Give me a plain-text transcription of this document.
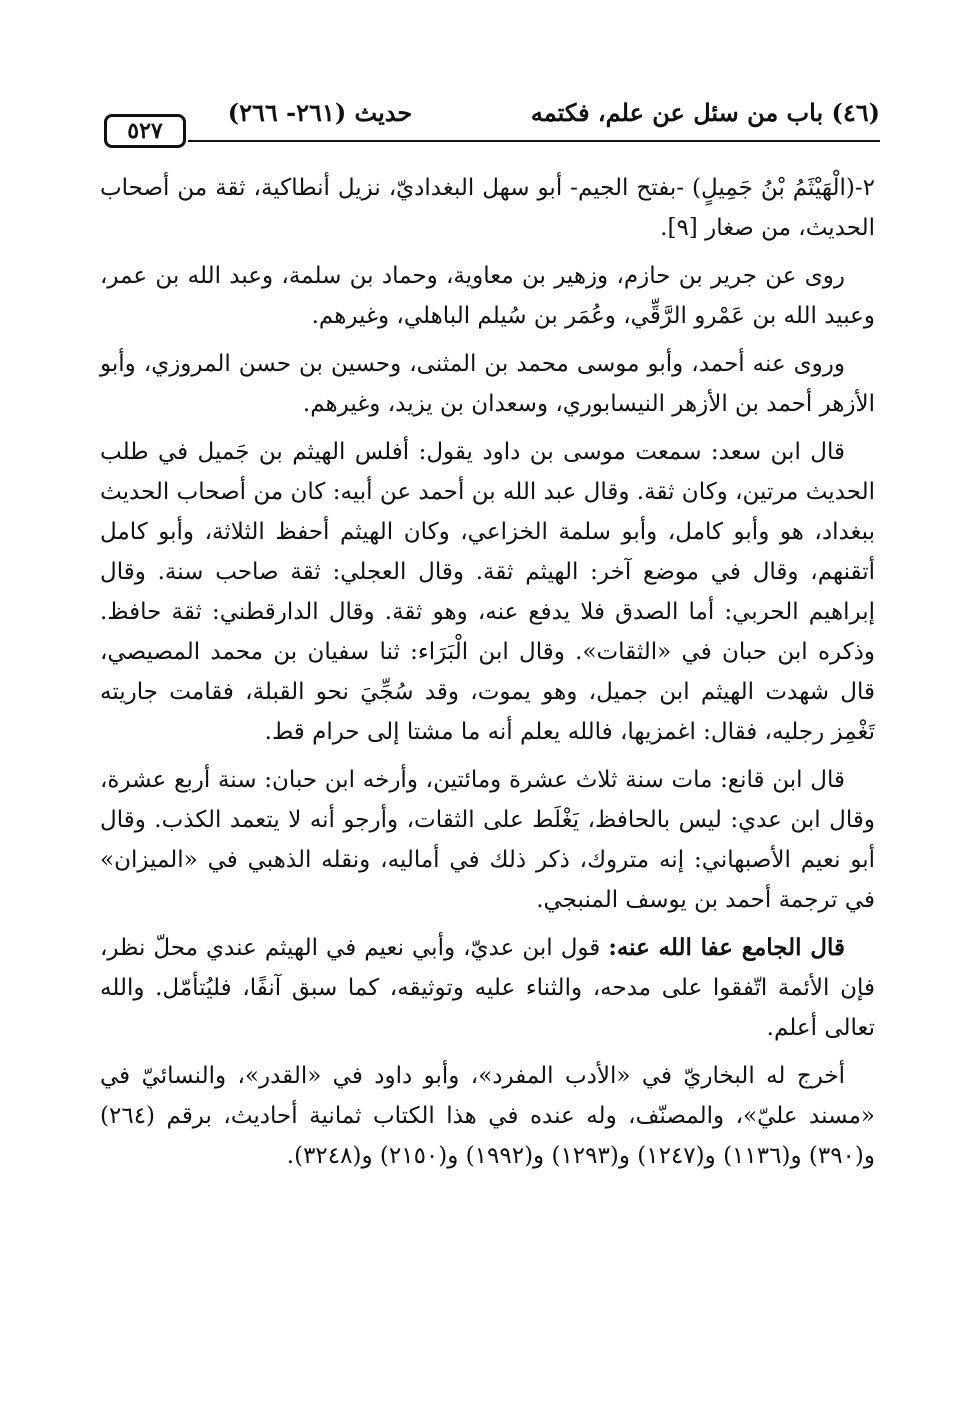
٥٢٧
حديث (٢٦١- ٢٦٦)	(٤٦) باب من سئل عن علم، فكتمه

٢-(الْهَيْثَمُ بْنُ جَمِيلٍ) -بفتح الجيم- أبو سهل البغداديّ، نزيل أنطاكية، ثقة من أصحاب الحديث، من صغار [٩].

روى عن جرير بن حازم، وزهير بن معاوية، وحماد بن سلمة، وعبد الله بن عمر، وعبيد الله بن عَمْرو الرَّقِّي، وعُمَر بن سُيلم الباهلي، وغيرهم.

وروى عنه أحمد، وأبو موسى محمد بن المثنى، وحسين بن حسن المروزي، وأبو الأزهر أحمد بن الأزهر النيسابوري، وسعدان بن يزيد، وغيرهم.

قال ابن سعد: سمعت موسى بن داود يقول: أفلس الهيثم بن جَميل في طلب الحديث مرتين، وكان ثقة. وقال عبد الله بن أحمد عن أبيه: كان من أصحاب الحديث ببغداد، هو وأبو كامل، وأبو سلمة الخزاعي، وكان الهيثم أحفظ الثلاثة، وأبو كامل أتقنهم، وقال في موضع آخر: الهيثم ثقة. وقال العجلي: ثقة صاحب سنة. وقال إبراهيم الحربي: أما الصدق فلا يدفع عنه، وهو ثقة. وقال الدارقطني: ثقة حافظ. وذكره ابن حبان في «الثقات». وقال ابن الْبَرَاء: ثنا سفيان بن محمد المصيصي، قال شهدت الهيثم ابن جميل، وهو يموت، وقد سُجِّيَ نحو القبلة، فقامت جاريته تَغْمِز رجليه، فقال: اغمزيها، فالله يعلم أنه ما مشتا إلى حرام قط.

قال ابن قانع: مات سنة ثلاث عشرة ومائتين، وأرخه ابن حبان: سنة أربع عشرة، وقال ابن عدي: ليس بالحافظ، يَغْلَط على الثقات، وأرجو أنه لا يتعمد الكذب. وقال أبو نعيم الأصبهاني: إنه متروك، ذكر ذلك في أماليه، ونقله الذهبي في «الميزان» في ترجمة أحمد بن يوسف المنبجي.

قال الجامع عفا الله عنه: قول ابن عديّ، وأبي نعيم في الهيثم عندي محلّ نظر، فإن الأئمة اتّفقوا على مدحه، والثناء عليه وتوثيقه، كما سبق آنفًا، فليُتأمّل. والله تعالى أعلم.

أخرج له البخاريّ في «الأدب المفرد»، وأبو داود في «القدر»، والنسائيّ في «مسند عليّ»، والمصنّف، وله عنده في هذا الكتاب ثمانية أحاديث، برقم (٢٦٤) و(٣٩٠) و(١١٣٦) و(١٢٤٧) و(١٢٩٣) و(١٩٩٢) و(٢١٥٠) و(٣٢٤٨).
